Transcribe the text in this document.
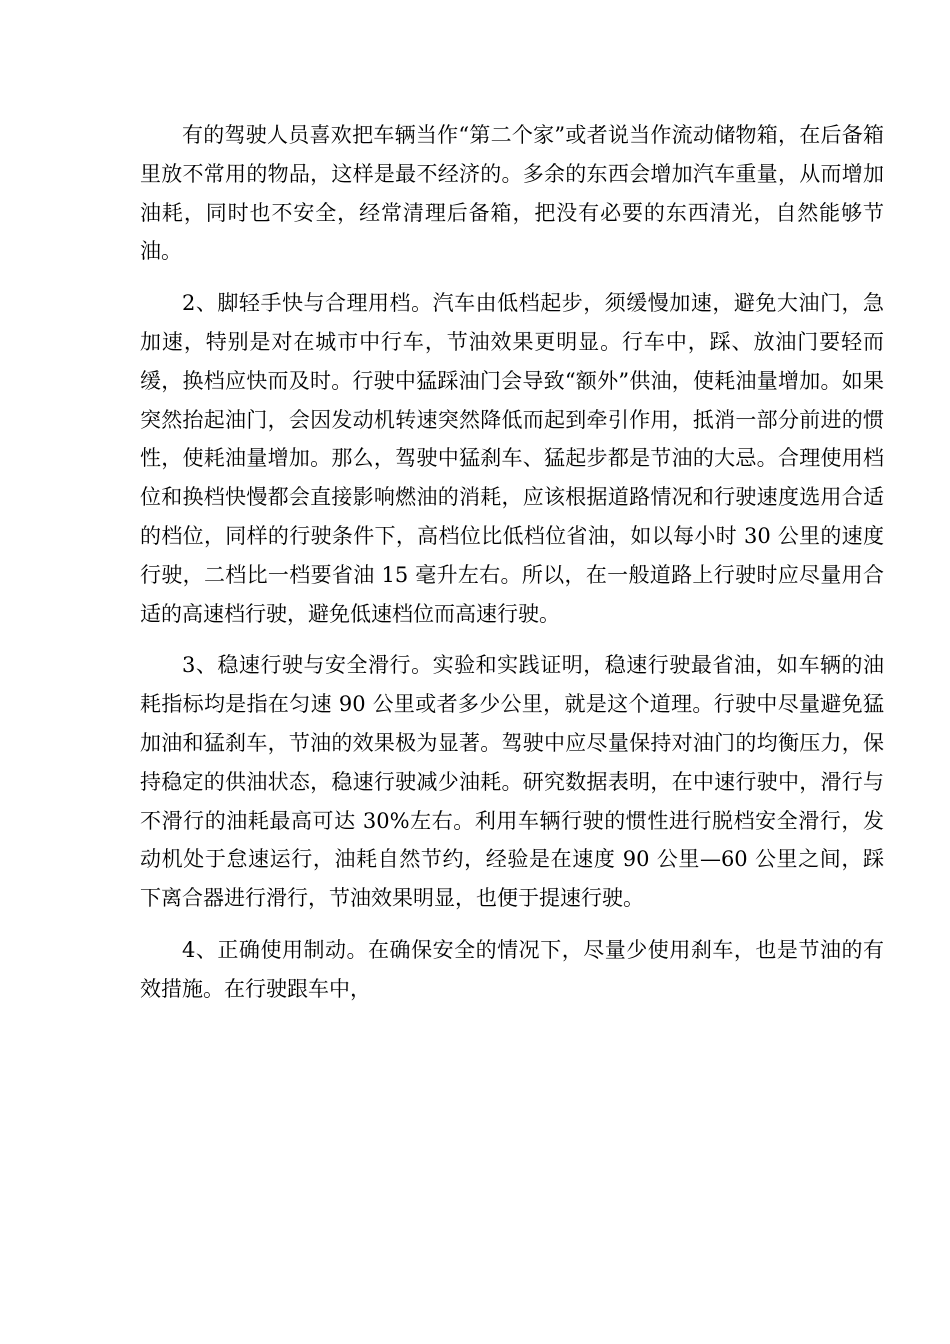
有的驾驶人员喜欢把车辆当作“第二个家”或者说当作流动储物箱，在后备箱里放不常用的物品，这样是最不经济的。多余的东西会增加汽车重量，从而增加油耗，同时也不安全，经常清理后备箱，把没有必要的东西清光，自然能够节油。

2、脚轻手快与合理用档。汽车由低档起步，须缓慢加速，避免大油门，急加速，特别是对在城市中行车，节油效果更明显。行车中，踩、放油门要轻而缓，换档应快而及时。行驶中猛踩油门会导致“额外”供油，使耗油量增加。如果突然抬起油门，会因发动机转速突然降低而起到牵引作用，抵消一部分前进的惯性，使耗油量增加。那么，驾驶中猛刹车、猛起步都是节油的大忌。合理使用档位和换档快慢都会直接影响燃油的消耗，应该根据道路情况和行驶速度选用合适的档位，同样的行驶条件下，高档位比低档位省油，如以每小时 30 公里的速度行驶，二档比一档要省油 15 毫升左右。所以，在一般道路上行驶时应尽量用合适的高速档行驶，避免低速档位而高速行驶。

3、稳速行驶与安全滑行。实验和实践证明，稳速行驶最省油，如车辆的油耗指标均是指在匀速 90 公里或者多少公里，就是这个道理。行驶中尽量避免猛加油和猛刹车，节油的效果极为显著。驾驶中应尽量保持对油门的均衡压力，保持稳定的供油状态，稳速行驶减少油耗。研究数据表明，在中速行驶中，滑行与不滑行的油耗最高可达 30%左右。利用车辆行驶的惯性进行脱档安全滑行，发动机处于怠速运行，油耗自然节约，经验是在速度 90 公里—60 公里之间，踩下离合器进行滑行，节油效果明显，也便于提速行驶。

4、正确使用制动。在确保安全的情况下，尽量少使用刹车，也是节油的有效措施。在行驶跟车中，
